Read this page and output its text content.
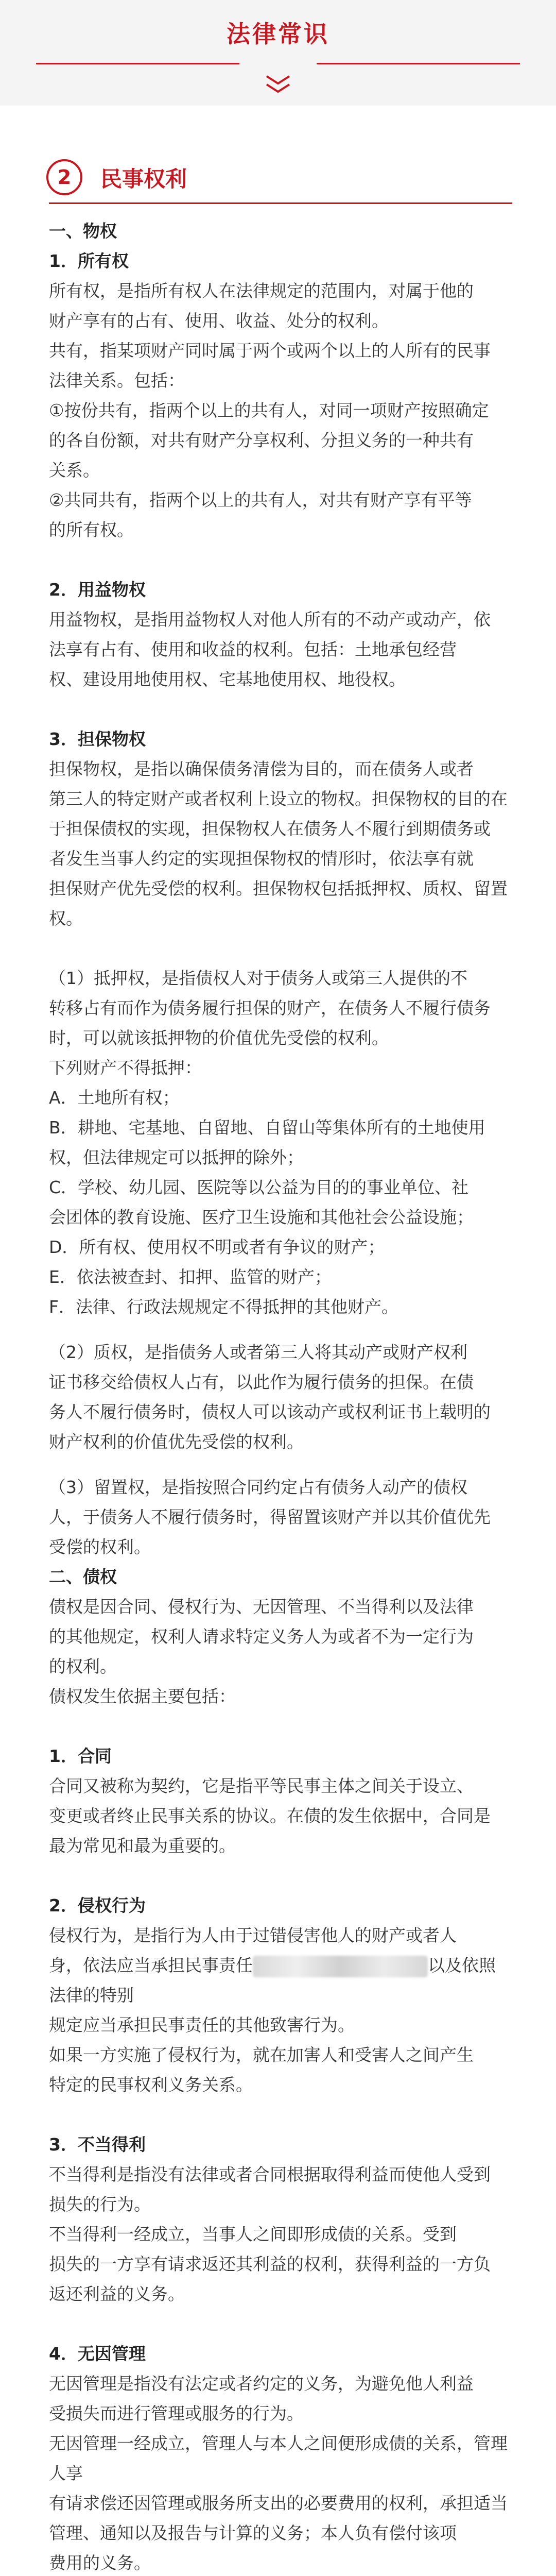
法律常识
2	民事权利

一、物权

1．所有权

所有权，是指所有权人在法律规定的范围内，对属于他的

财产享有的占有、使用、收益、处分的权利。

共有，指某项财产同时属于两个或两个以上的人所有的民事

法律关系。包括：

①按份共有，指两个以上的共有人，对同一项财产按照确定

的各自份额，对共有财产分享权利、分担义务的一种共有

关系。

②共同共有，指两个以上的共有人，对共有财产享有平等

的所有权。

2．用益物权

用益物权，是指用益物权人对他人所有的不动产或动产，依

法享有占有、使用和收益的权利。包括：土地承包经营

权、建设用地使用权、宅基地使用权、地役权。

3．担保物权

担保物权，是指以确保债务清偿为目的，而在债务人或者

第三人的特定财产或者权利上设立的物权。担保物权的目的在

于担保债权的实现，担保物权人在债务人不履行到期债务或

者发生当事人约定的实现担保物权的情形时，依法享有就

担保财产优先受偿的权利。担保物权包括抵押权、质权、留置

权。

（1）抵押权，是指债权人对于债务人或第三人提供的不

转移占有而作为债务履行担保的财产，在债务人不履行债务

时，可以就该抵押物的价值优先受偿的权利。

下列财产不得抵押：

A．土地所有权；

B．耕地、宅基地、自留地、自留山等集体所有的土地使用

权，但法律规定可以抵押的除外；

C．学校、幼儿园、医院等以公益为目的的事业单位、社

会团体的教育设施、医疗卫生设施和其他社会公益设施；

D．所有权、使用权不明或者有争议的财产；

E．依法被查封、扣押、监管的财产；

F．法律、行政法规规定不得抵押的其他财产。

（2）质权，是指债务人或者第三人将其动产或财产权利

证书移交给债权人占有，以此作为履行债务的担保。在债

务人不履行债务时，债权人可以该动产或权利证书上载明的

财产权利的价值优先受偿的权利。

（3）留置权，是指按照合同约定占有债务人动产的债权

人，于债务人不履行债务时，得留置该财产并以其价值优先

受偿的权利。

二、债权

债权是因合同、侵权行为、无因管理、不当得利以及法律

的其他规定，权利人请求特定义务人为或者不为一定行为

的权利。

债权发生依据主要包括：

1．合同

合同又被称为契约，它是指平等民事主体之间关于设立、

变更或者终止民事关系的协议。在债的发生依据中，合同是

最为常见和最为重要的。

2．侵权行为

侵权行为，是指行为人由于过错侵害他人的财产或者人

身，依法应当承担民事责任	以及依照法律的特别

规定应当承担民事责任的其他致害行为。

如果一方实施了侵权行为，就在加害人和受害人之间产生

特定的民事权利义务关系。

3．不当得利

不当得利是指没有法律或者合同根据取得利益而使他人受到

损失的行为。

不当得利一经成立，当事人之间即形成债的关系。受到

损失的一方享有请求返还其利益的权利，获得利益的一方负

返还利益的义务。

4．无因管理

无因管理是指没有法定或者约定的义务，为避免他人利益

受损失而进行管理或服务的行为。

无因管理一经成立，管理人与本人之间便形成债的关系，管理人享

有请求偿还因管理或服务所支出的必要费用的权利，承担适当

管理、通知以及报告与计算的义务；本人负有偿付该项

费用的义务。
